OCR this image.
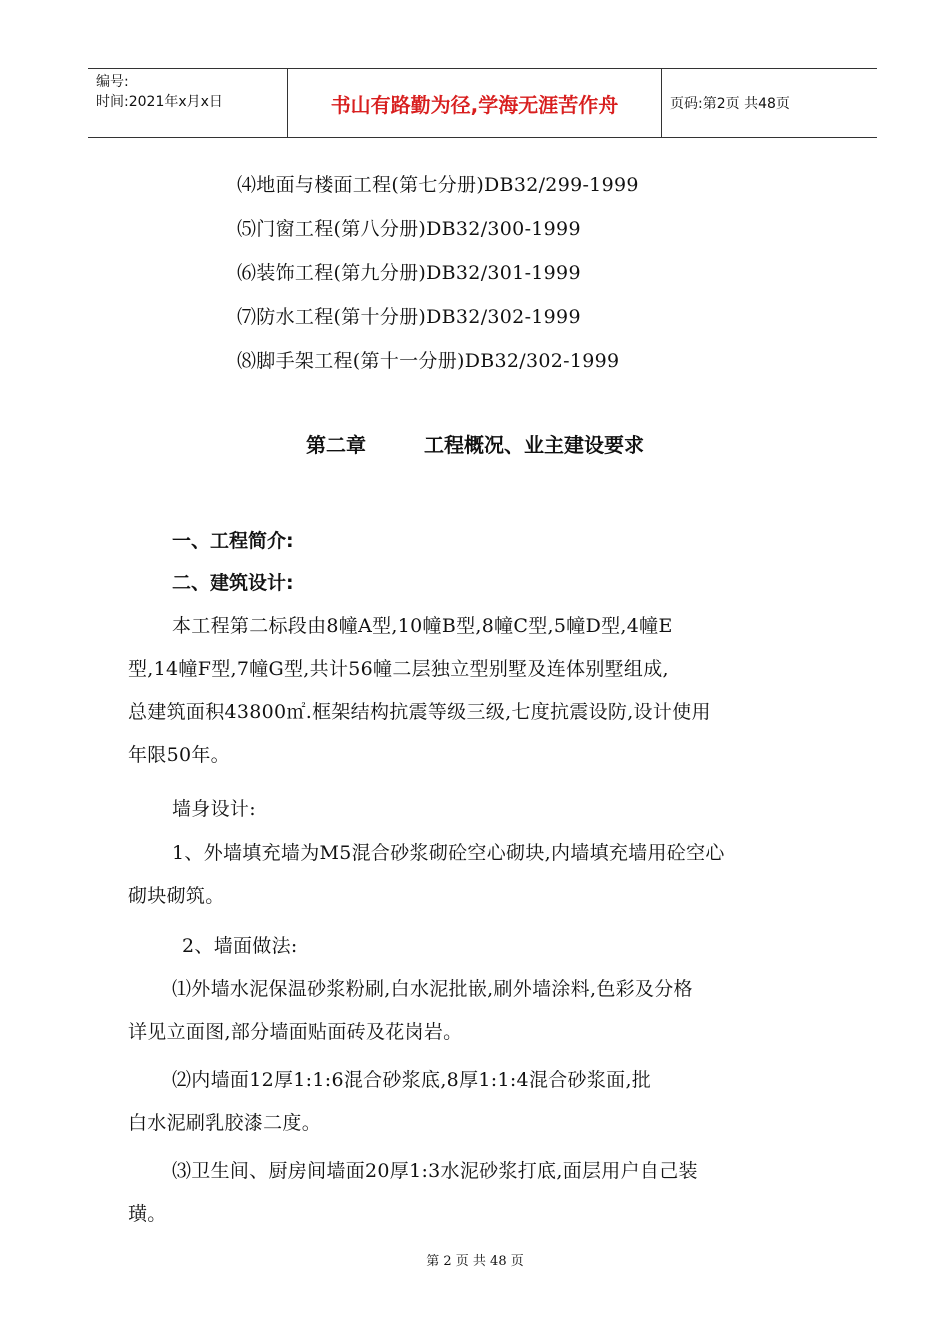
编号:
时间:2021年x月x日	书山有路勤为径,学海无涯苦作舟	页码:第2页 共48页
⑷地面与楼面工程(第七分册)DB32/299-1999
⑸门窗工程(第八分册)DB32/300-1999
⑹装饰工程(第九分册)DB32/301-1999
⑺防水工程(第十分册)DB32/302-1999
⑻脚手架工程(第十一分册)DB32/302-1999
第二章	工程概况、业主建设要求
一、工程简介:
二、建筑设计:
本工程第二标段由8幢A型,10幢B型,8幢C型,5幢D型,4幢E
型,14幢F型,7幢G型,共计56幢二层独立型别墅及连体别墅组成,
总建筑面积43800㎡.框架结构抗震等级三级,七度抗震设防,设计使用
年限50年。
墙身设计:
1、外墙填充墙为M5混合砂浆砌砼空心砌块,内墙填充墙用砼空心
砌块砌筑。
2、墙面做法:
⑴外墙水泥保温砂浆粉刷,白水泥批嵌,刷外墙涂料,色彩及分格
详见立面图,部分墙面贴面砖及花岗岩。
⑵内墙面12厚1:1:6混合砂浆底,8厚1:1:4混合砂浆面,批
白水泥刷乳胶漆二度。
⑶卫生间、厨房间墙面20厚1:3水泥砂浆打底,面层用户自己装
璜。
第 2 页 共 48 页
